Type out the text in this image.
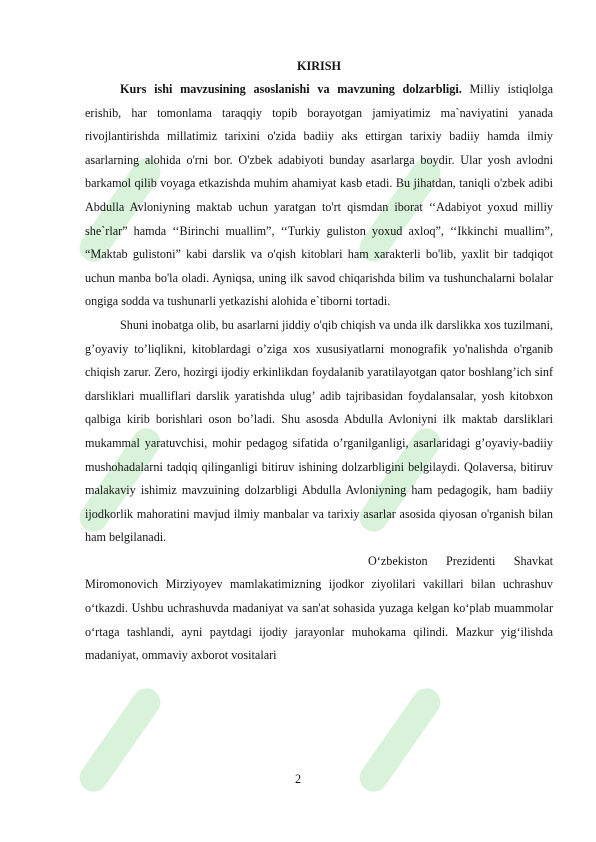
KIRISH

Kurs ishi mavzusining asoslanishi va mavzuning dolzarbligi. Milliy istiqlolga erishib, har tomonlama taraqqiy topib borayotgan jamiyatimiz ma`naviyatini yanada rivojlantirishda millatimiz tarixini o'zida badiiy aks ettirgan tarixiy badiiy hamda ilmiy asarlarning alohida o'rni bor. O'zbek adabiyoti bunday asarlarga boydir. Ular yosh avlodni barkamol qilib voyaga etkazishda muhim ahamiyat kasb etadi. Bu jihatdan, taniqli o'zbek adibi Abdulla Avloniyning maktab uchun yaratgan to'rt qismdan iborat ‘‘Adabiyot yoxud milliy she`rlar” hamda ‘‘Birinchi muallim”, ‘‘Turkiy guliston yoxud axloq”, ‘‘Ikkinchi muallim”, “Maktab gulistoni” kabi darslik va o'qish kitoblari ham xarakterli bo'lib, yaxlit bir tadqiqot uchun manba bo'la oladi. Ayniqsa, uning ilk savod chiqarishda bilim va tushunchalarni bolalar ongiga sodda va tushunarli yetkazishi alohida e`tiborni tortadi.

Shuni inobatga olib, bu asarlarni jiddiy o'qib chiqish va unda ilk darslikka xos tuzilmani, g’oyaviy to’liqlikni, kitoblardagi o’ziga xos xususiyatlarni monografik yo'nalishda o'rganib chiqish zarur. Zero, hozirgi ijodiy erkinlikdan foydalanib yaratilayotgan qator boshlang’ich sinf darsliklari mualliflari darslik yaratishda ulug’ adib tajribasidan foydalansalar, yosh kitobxon qalbiga kirib borishlari oson bo’ladi. Shu asosda Abdulla Avloniyni ilk maktab darsliklari mukammal yaratuvchisi, mohir pedagog sifatida o’rganilganligi, asarlaridagi g’oyaviy-badiiy mushohadalarni tadqiq qilinganligi bitiruv ishining dolzarbligini belgilaydi. Qolaversa, bitiruv malakaviy ishimiz mavzuining dolzarbligi Abdulla Avloniyning ham pedagogik, ham badiiy ijodkorlik mahoratini mavjud ilmiy manbalar va tarixiy asarlar asosida qiyosan o'rganish bilan ham belgilanadi.

O‘zbekiston Prezidenti Shavkat Miromonovich Mirziyoyev mamlakatimizning ijodkor ziyolilari vakillari bilan uchrashuv o‘tkazdi. Ushbu uchrashuvda madaniyat va san'at sohasida yuzaga kelgan ko‘plab muammolar o‘rtaga tashlandi, ayni paytdagi ijodiy jarayonlar muhokama qilindi. Mazkur yig‘ilishda madaniyat, ommaviy axborot vositalari

2
